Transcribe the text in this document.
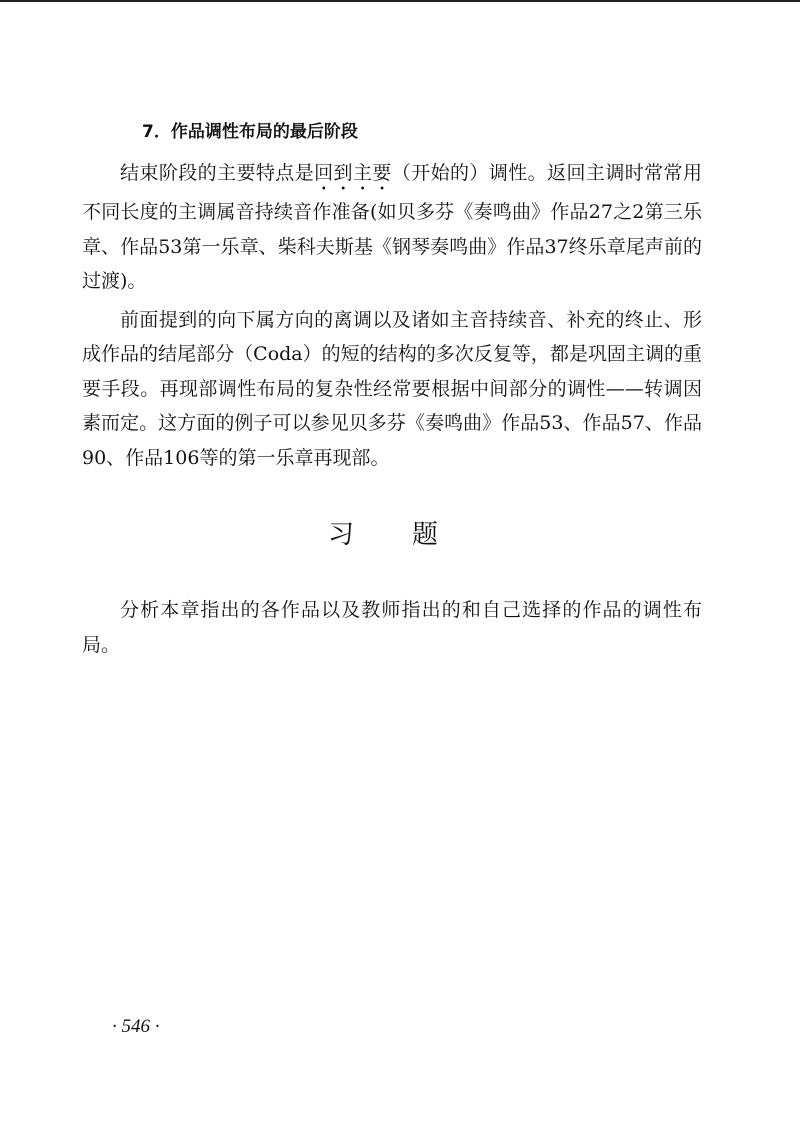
7．作品调性布局的最后阶段

结束阶段的主要特点是回到主要（开始的）调性。返回主调时常常用不同长度的主调属音持续音作准备(如贝多芬《奏鸣曲》作品27之2第三乐章、作品53第一乐章、柴科夫斯基《钢琴奏鸣曲》作品37终乐章尾声前的过渡)。

前面提到的向下属方向的离调以及诸如主音持续音、补充的终止、形成作品的结尾部分（Coda）的短的结构的多次反复等，都是巩固主调的重要手段。再现部调性布局的复杂性经常要根据中间部分的调性——转调因素而定。这方面的例子可以参见贝多芬《奏鸣曲》作品53、作品57、作品90、作品106等的第一乐章再现部。

习题

分析本章指出的各作品以及教师指出的和自己选择的作品的调性布局。

· 546 ·
